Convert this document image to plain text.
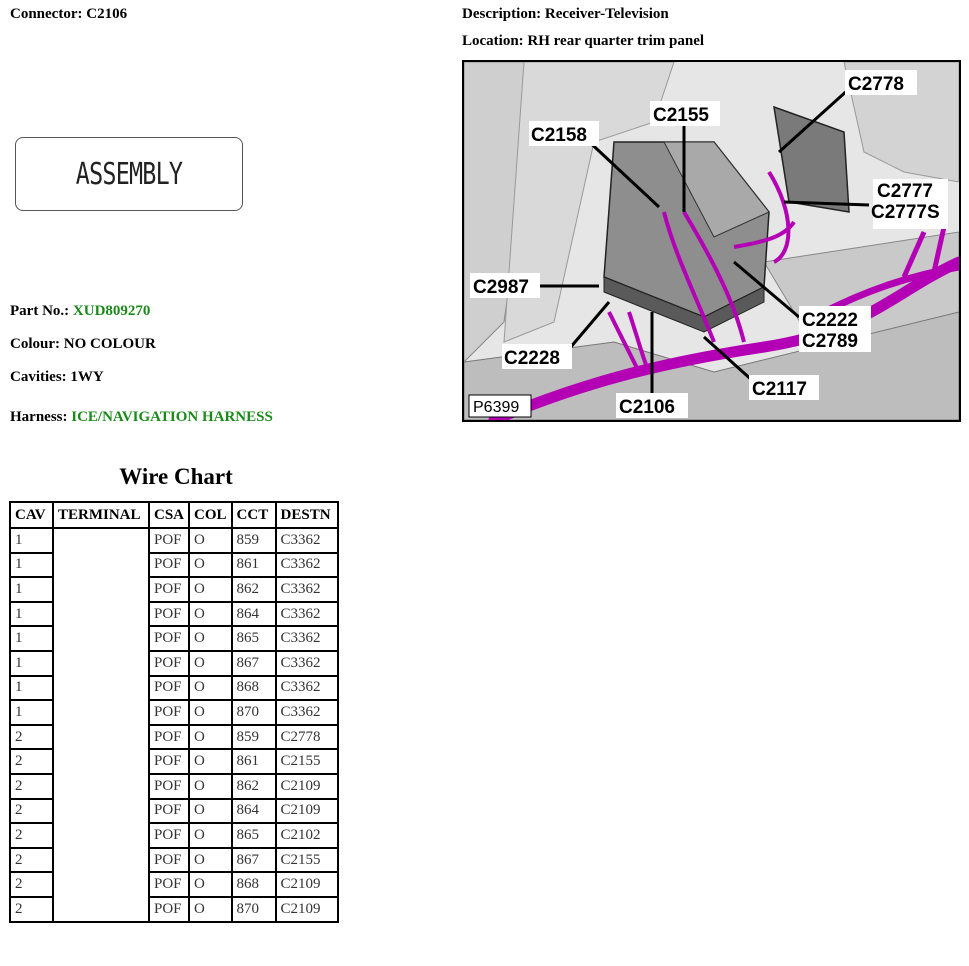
Connector: C2106	Description: Receiver-Television
Location: RH rear quarter trim panel
ASSEMBLY
Part No.: XUD809270
Colour: NO COLOUR
Cavities: 1WY
Harness: ICE/NAVIGATION HARNESS
C2778
C2155
C2158
C2777
C2777S
C2987
C2222
C2789
C2228
C2117
C2106
P6399
Wire Chart
CAV	TERMINAL	CSA	COL	CCT	DESTN
1		POF	O	859	C3362
1		POF	O	861	C3362
1		POF	O	862	C3362
1		POF	O	864	C3362
1		POF	O	865	C3362
1		POF	O	867	C3362
1		POF	O	868	C3362
1		POF	O	870	C3362
2		POF	O	859	C2778
2		POF	O	861	C2155
2		POF	O	862	C2109
2		POF	O	864	C2109
2		POF	O	865	C2102
2		POF	O	867	C2155
2		POF	O	868	C2109
2		POF	O	870	C2109
